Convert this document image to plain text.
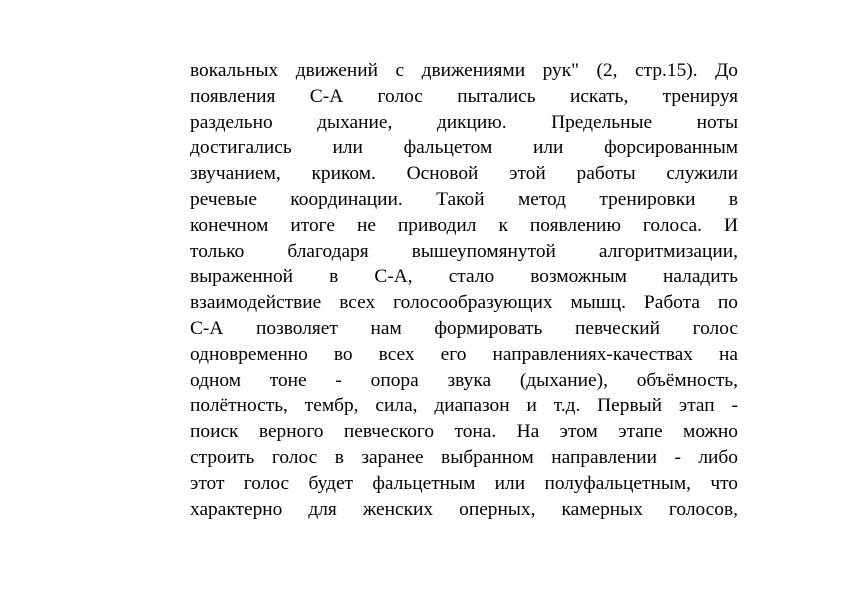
вокальных движений с движениями рук" (2, стр.15). До
появления С-А голос пытались искать, тренируя
раздельно дыхание, дикцию. Предельные ноты
достигались или фальцетом или форсированным
звучанием, криком. Основой этой работы служили
речевые координации. Такой метод тренировки в
конечном итоге не приводил к появлению голоса. И
только благодаря вышеупомянутой алгоритмизации,
выраженной в С-А, стало возможным наладить
взаимодействие всех голосообразующих мышц. Работа по
С-А позволяет нам формировать певческий голос
одновременно во всех его направлениях-качествах на
одном тоне - опора звука (дыхание), объёмность,
полётность, тембр, сила, диапазон и т.д. Первый этап -
поиск верного певческого тона. На этом этапе можно
строить голос в заранее выбранном направлении - либо
этот голос будет фальцетным или полуфальцетным, что
характерно для женских оперных, камерных голосов,
